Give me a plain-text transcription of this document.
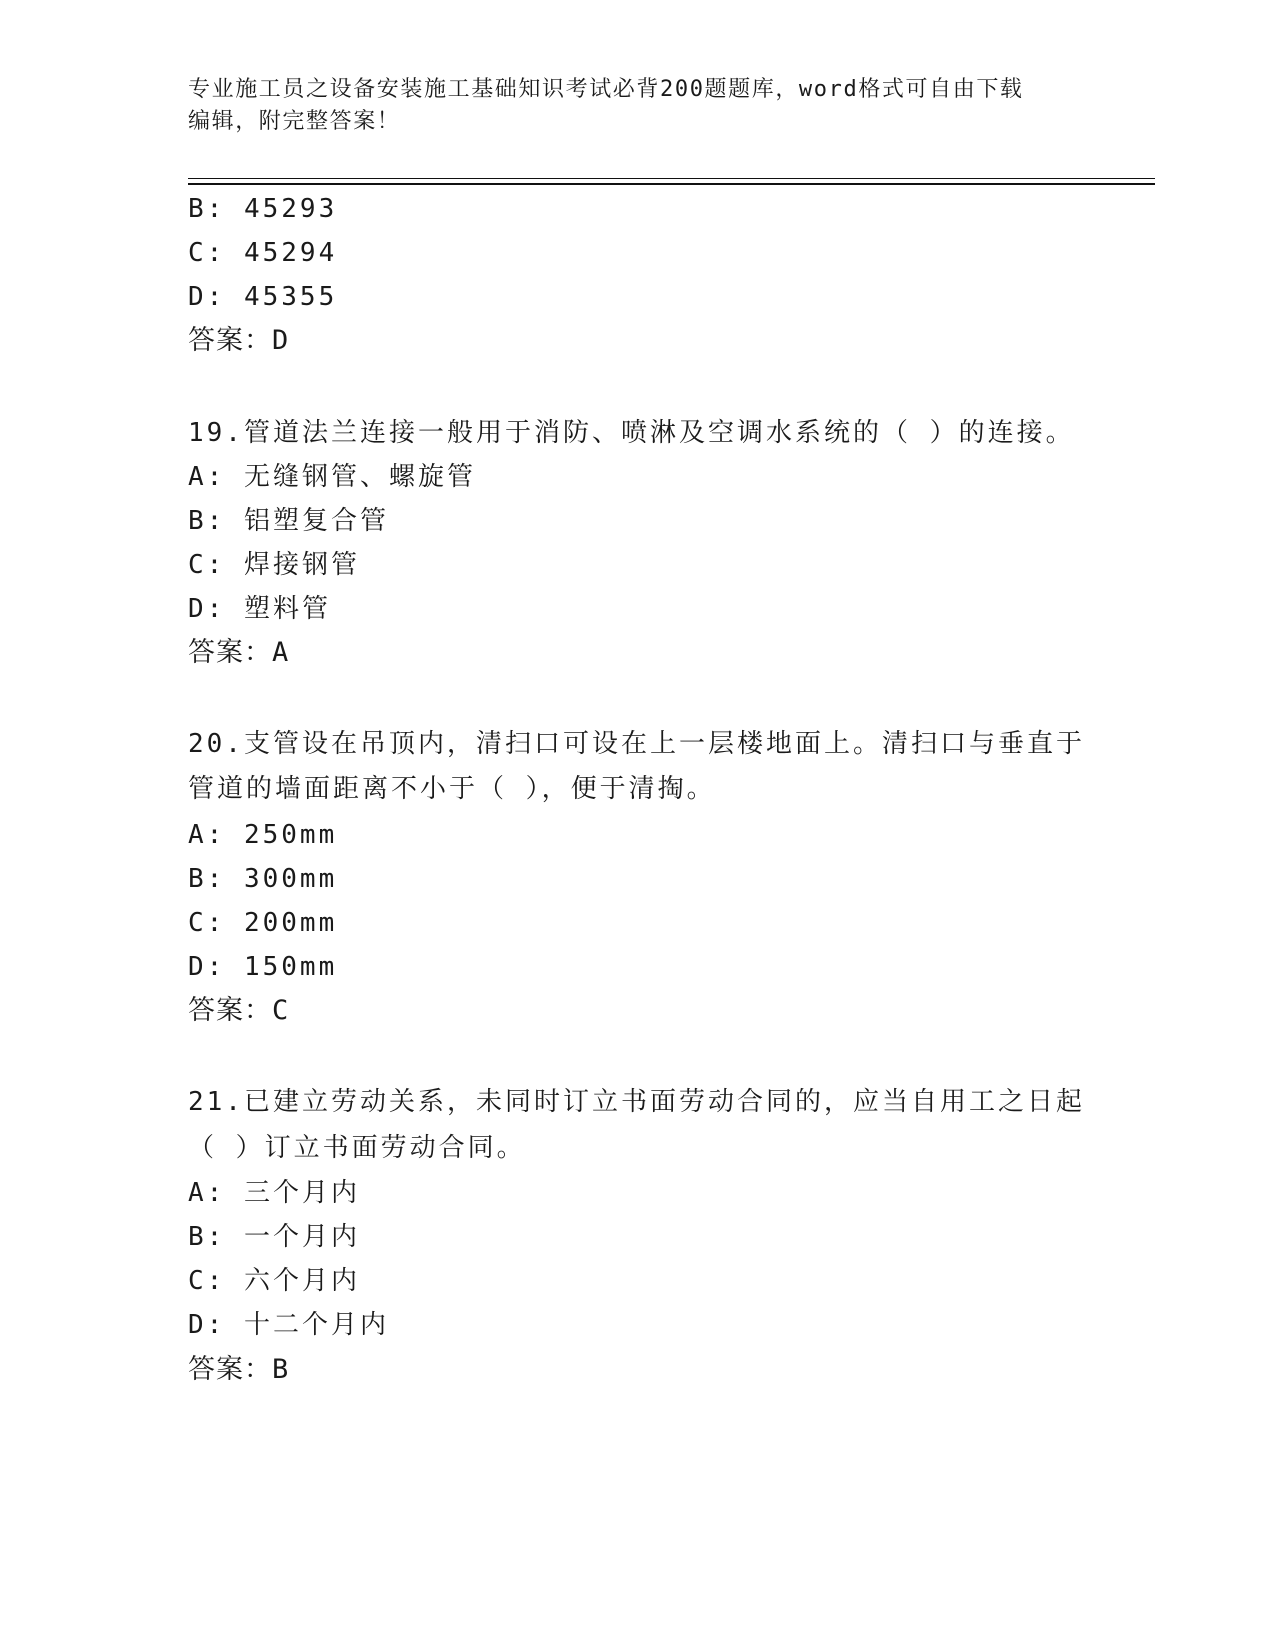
专业施工员之设备安装施工基础知识考试必背200题题库，word格式可自由下载
编辑，附完整答案！
B: 45293
C: 45294
D: 45355
答案：D
19.管道法兰连接一般用于消防、喷淋及空调水系统的（ ）的连接。
A: 无缝钢管、螺旋管
B: 铝塑复合管
C: 焊接钢管
D: 塑料管
答案：A
20.支管设在吊顶内，清扫口可设在上一层楼地面上。清扫口与垂直于
管道的墙面距离不小于（ ），便于清掏。
A: 250mm
B: 300mm
C: 200mm
D: 150mm
答案：C
21.已建立劳动关系，未同时订立书面劳动合同的，应当自用工之日起
（ ）订立书面劳动合同。
A: 三个月内
B: 一个月内
C: 六个月内
D: 十二个月内
答案：B
